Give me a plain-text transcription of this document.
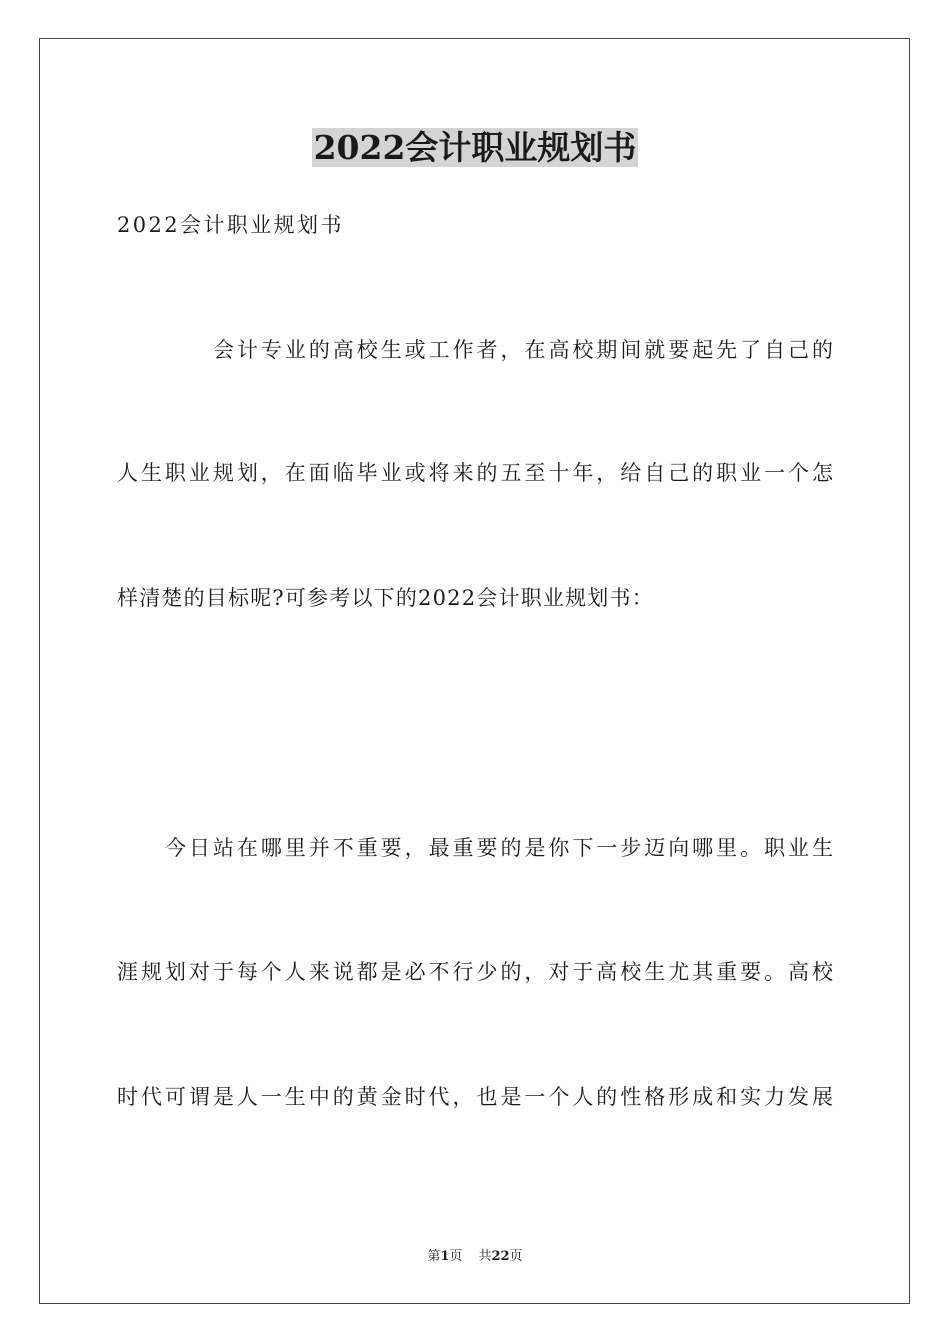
2022会计职业规划书
2022会计职业规划书
会计专业的高校生或工作者，在高校期间就要起先了自己的
人生职业规划，在面临毕业或将来的五至十年，给自己的职业一个怎
样清楚的目标呢?可参考以下的2022会计职业规划书：
今日站在哪里并不重要，最重要的是你下一步迈向哪里。职业生
涯规划对于每个人来说都是必不行少的，对于高校生尤其重要。高校
时代可谓是人一生中的黄金时代，也是一个人的性格形成和实力发展
第1页 共22页
